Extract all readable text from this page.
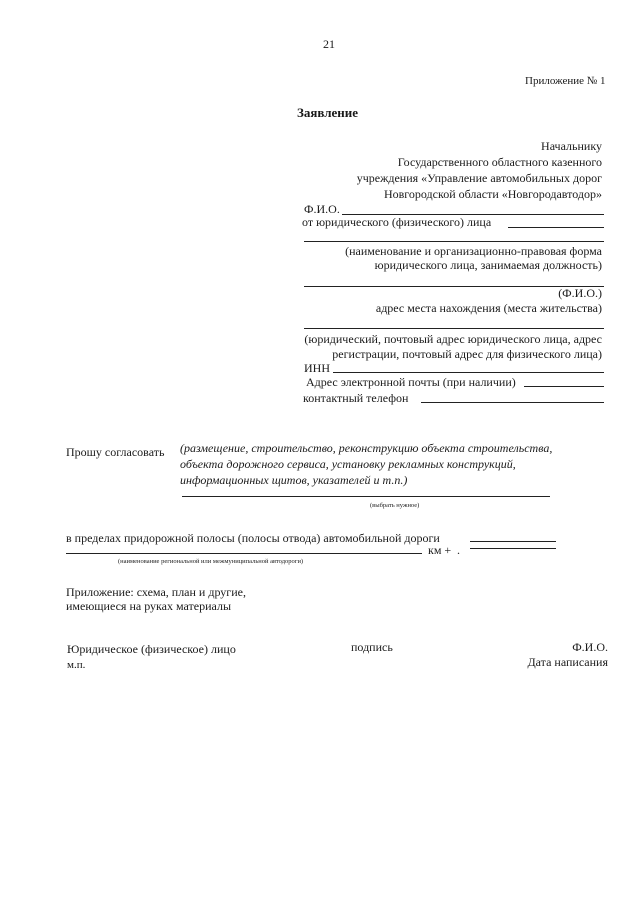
21
Приложение № 1
Заявление
Начальнику
Государственного областного казенного
учреждения «Управление автомобильных дорог
Новгородской области «Новгородавтодор»
Ф.И.О.
от юридического (физического) лица
(наименование и организационно-правовая форма
юридического лица, занимаемая должность)
(Ф.И.О.)
адрес места нахождения (места жительства)
(юридический, почтовый адрес юридического лица, адрес
регистрации, почтовый адрес для физического лица)
ИНН
Адрес электронной почты (при наличии)
контактный телефон
Прошу согласовать (размещение, строительство, реконструкцию объекта строительства,
объекта дорожного сервиса, установку рекламных конструкций,
информационных щитов, указателей и т.п.)
(выбрать нужное)
в пределах придорожной полосы (полосы отвода) автомобильной дороги
км + .
(наименование региональной или межмуниципальной автодороги)
Приложение: схема, план и другие,
имеющиеся на руках материалы
Юридическое (физическое) лицо	подпись	Ф.И.О.
м.п.	Дата написания
